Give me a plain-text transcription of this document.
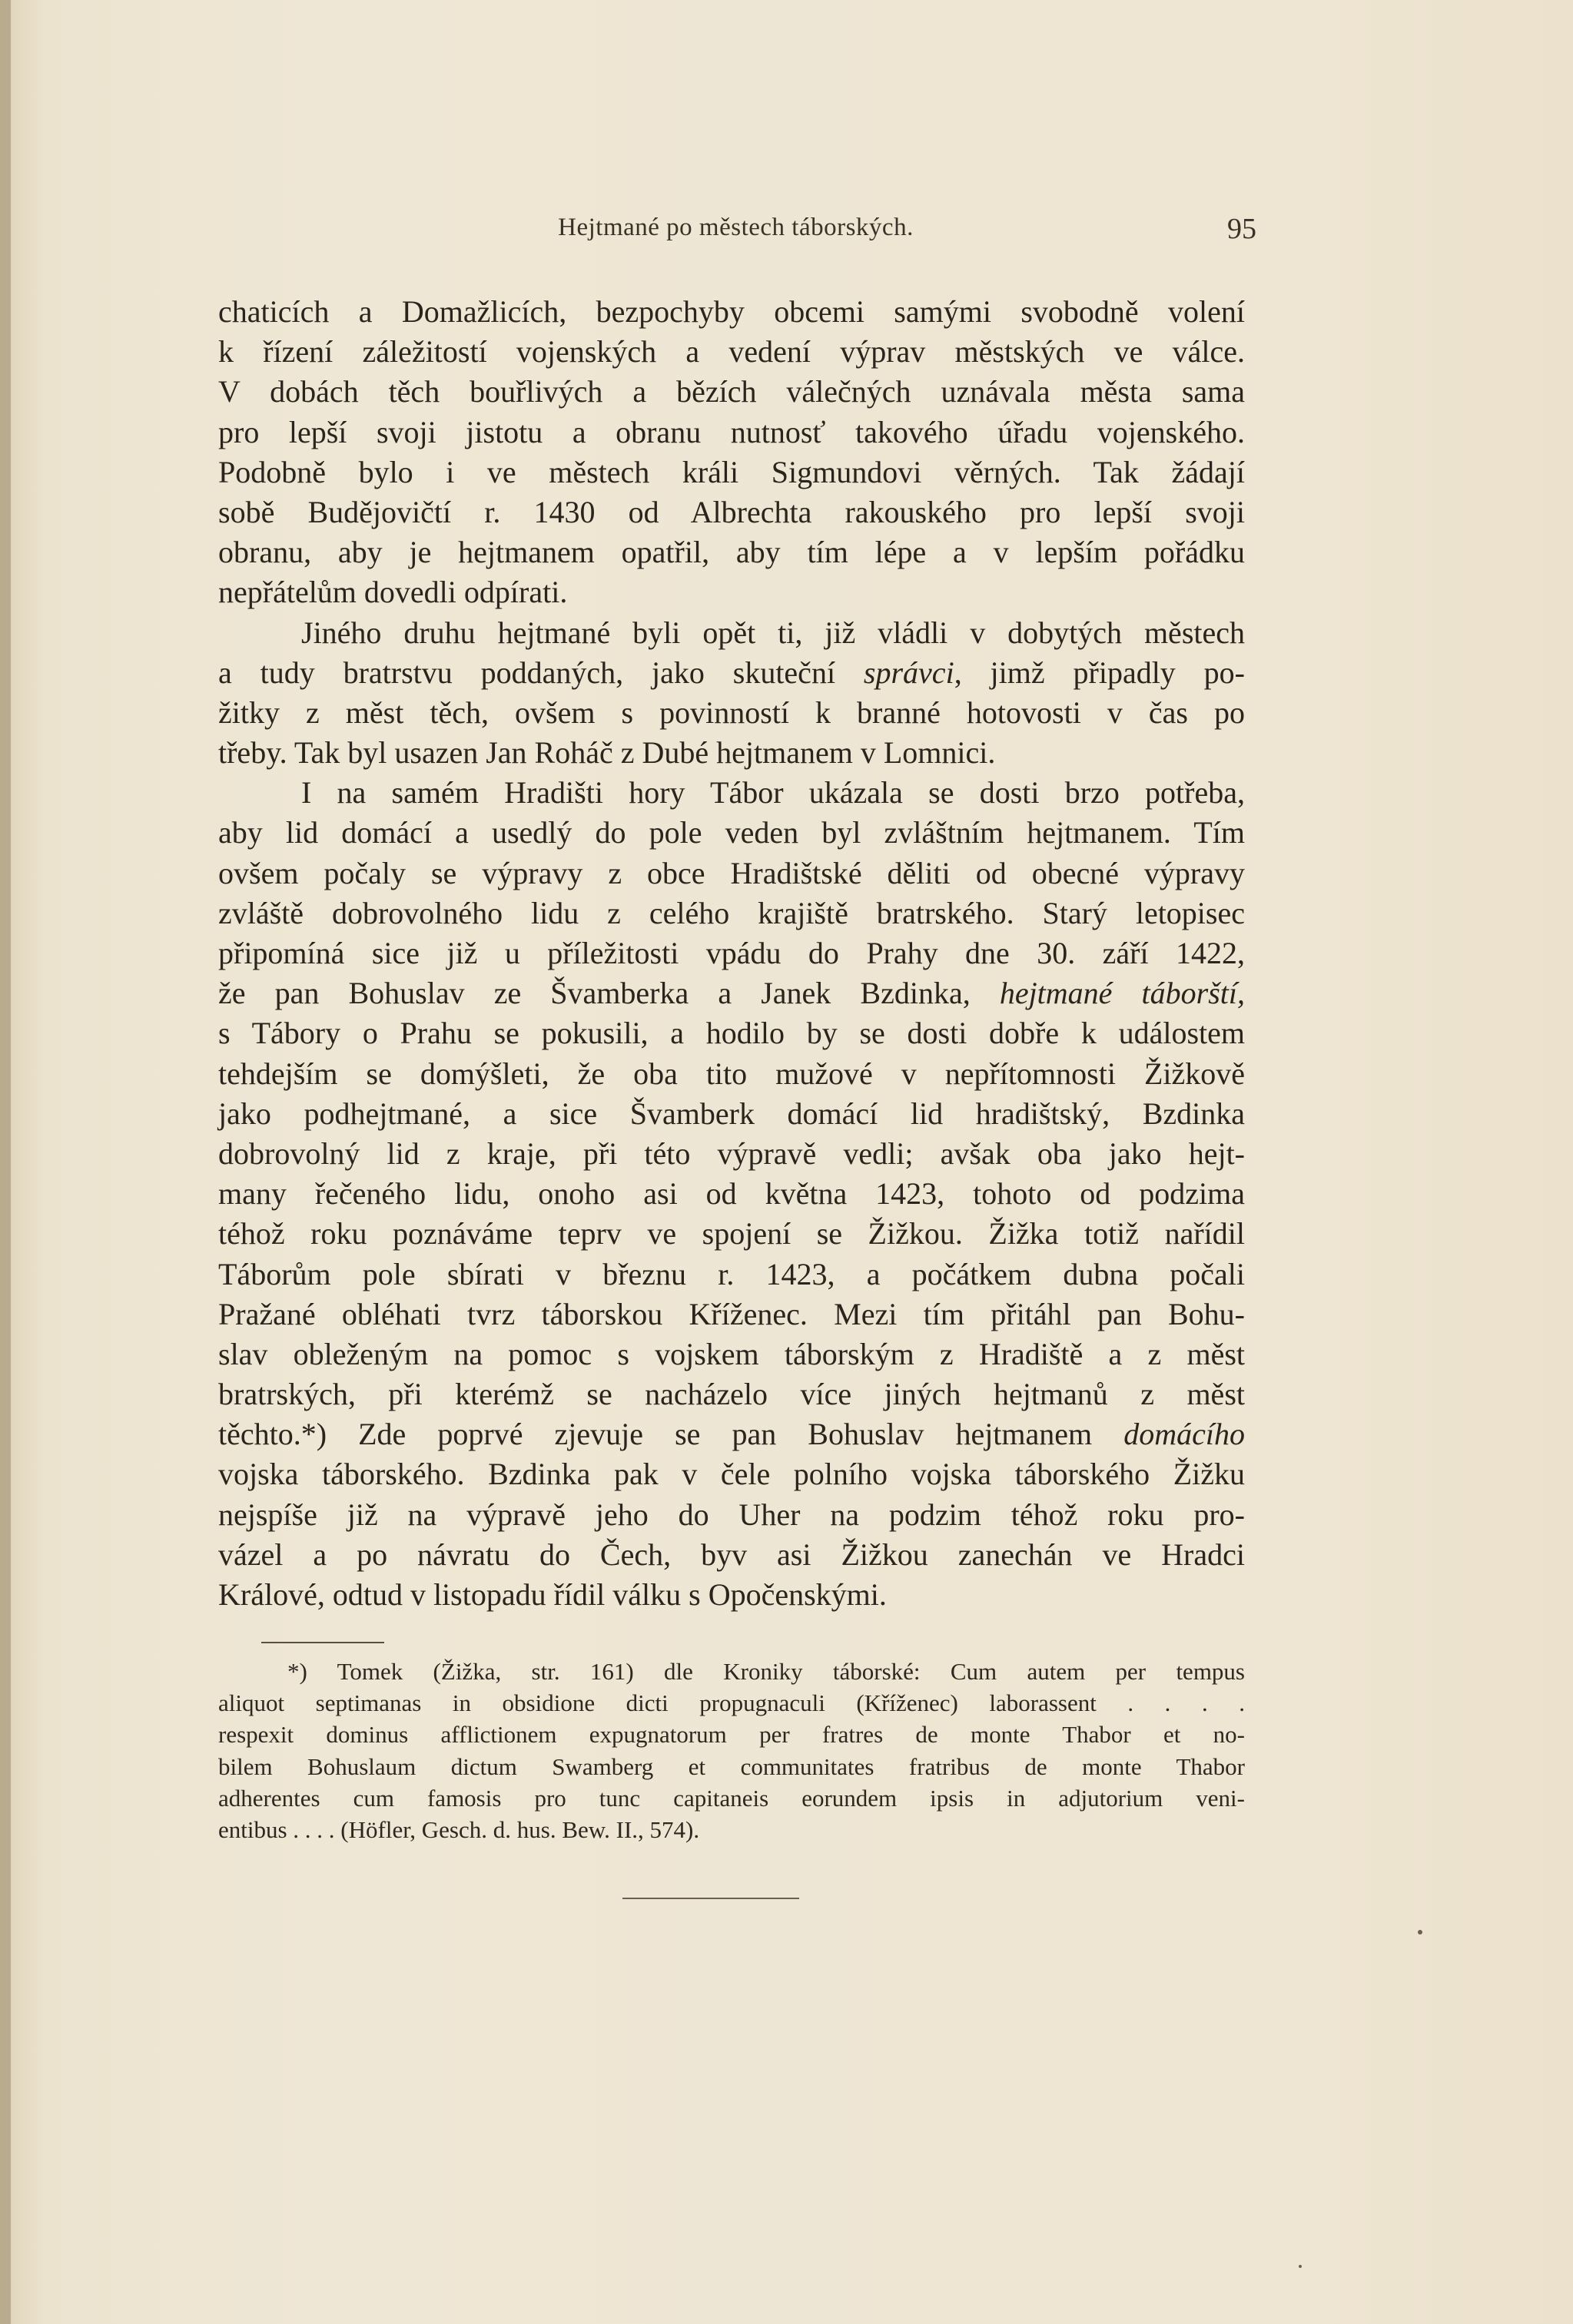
Hejtmané po městech táborských.	95
chaticích a Domažlicích, bezpochyby obcemi samými svobodně volení
k řízení záležitostí vojenských a vedení výprav městských ve válce.
V dobách těch bouřlivých a bězích válečných uznávala města sama
pro lepší svoji jistotu a obranu nutnosť takového úřadu vojenského.
Podobně bylo i ve městech králi Sigmundovi věrných. Tak žádají
sobě Budějovičtí r. 1430 od Albrechta rakouského pro lepší svoji
obranu, aby je hejtmanem opatřil, aby tím lépe a v lepším pořádku
nepřátelům dovedli odpírati.
Jiného druhu hejtmané byli opět ti, již vládli v dobytých městech
a tudy bratrstvu poddaných, jako skuteční správci, jimž připadly po-
žitky z měst těch, ovšem s povinností k branné hotovosti v čas po
třeby. Tak byl usazen Jan Roháč z Dubé hejtmanem v Lomnici.
I na samém Hradišti hory Tábor ukázala se dosti brzo potřeba,
aby lid domácí a usedlý do pole veden byl zvláštním hejtmanem. Tím
ovšem počaly se výpravy z obce Hradištské děliti od obecné výpravy
zvláště dobrovolného lidu z celého krajiště bratrského. Starý letopisec
připomíná sice již u příležitosti vpádu do Prahy dne 30. září 1422,
že pan Bohuslav ze Švamberka a Janek Bzdinka, hejtmané táborští,
s Tábory o Prahu se pokusili, a hodilo by se dosti dobře k událostem
tehdejším se domýšleti, že oba tito mužové v nepřítomnosti Žižkově
jako podhejtmané, a sice Švamberk domácí lid hradištský, Bzdinka
dobrovolný lid z kraje, při této výpravě vedli; avšak oba jako hejt-
many řečeného lidu, onoho asi od května 1423, tohoto od podzima
téhož roku poznáváme teprv ve spojení se Žižkou. Žižka totiž nařídil
Táborům pole sbírati v březnu r. 1423, a počátkem dubna počali
Pražané obléhati tvrz táborskou Kříženec. Mezi tím přitáhl pan Bohu-
slav obleženým na pomoc s vojskem táborským z Hradiště a z měst
bratrských, při kterémž se nacházelo více jiných hejtmanů z měst
těchto.*) Zde poprvé zjevuje se pan Bohuslav hejtmanem domácího
vojska táborského. Bzdinka pak v čele polního vojska táborského Žižku
nejspíše již na výpravě jeho do Uher na podzim téhož roku pro-
vázel a po návratu do Čech, byv asi Žižkou zanechán ve Hradci
Králové, odtud v listopadu řídil válku s Opočenskými.
*) Tomek (Žižka, str. 161) dle Kroniky táborské: Cum autem per tempus
aliquot septimanas in obsidione dicti propugnaculi (Kříženec) laborassent . . . .
respexit dominus afflictionem expugnatorum per fratres de monte Thabor et no-
bilem Bohuslaum dictum Swamberg et communitates fratribus de monte Thabor
adherentes cum famosis pro tunc capitaneis eorundem ipsis in adjutorium veni-
entibus . . . . (Höfler, Gesch. d. hus. Bew. II., 574).
